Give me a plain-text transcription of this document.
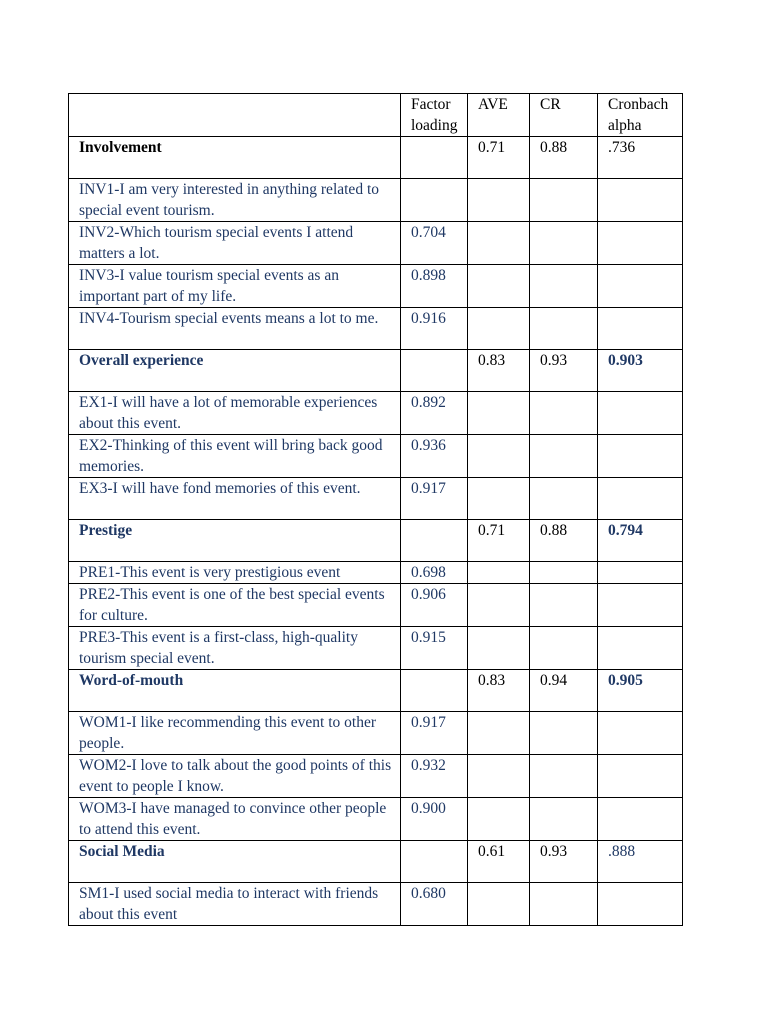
	Factor loading	AVE	CR	Cronbach alpha
Involvement		0.71	0.88	.736
INV1-I am very interested in anything related to special event tourism.				
INV2-Which tourism special events I attend matters a lot.	0.704			
INV3-I value tourism special events as an important part of my life.	0.898			
INV4-Tourism special events means a lot to me.	0.916			
Overall experience		0.83	0.93	0.903
EX1-I will have a lot of memorable experiences about this event.	0.892			
EX2-Thinking of this event will bring back good memories.	0.936			
EX3-I will have fond memories of this event.	0.917			
Prestige		0.71	0.88	0.794
PRE1-This event is very prestigious event	0.698			
PRE2-This event is one of the best special events for culture.	0.906			
PRE3-This event is a first-class, high-quality tourism special event.	0.915			
Word-of-mouth		0.83	0.94	0.905
WOM1-I like recommending this event to other people.	0.917			
WOM2-I love to talk about the good points of this event to people I know.	0.932			
WOM3-I have managed to convince other people to attend this event.	0.900			
Social Media		0.61	0.93	.888
SM1-I used social media to interact with friends about this event	0.680			
